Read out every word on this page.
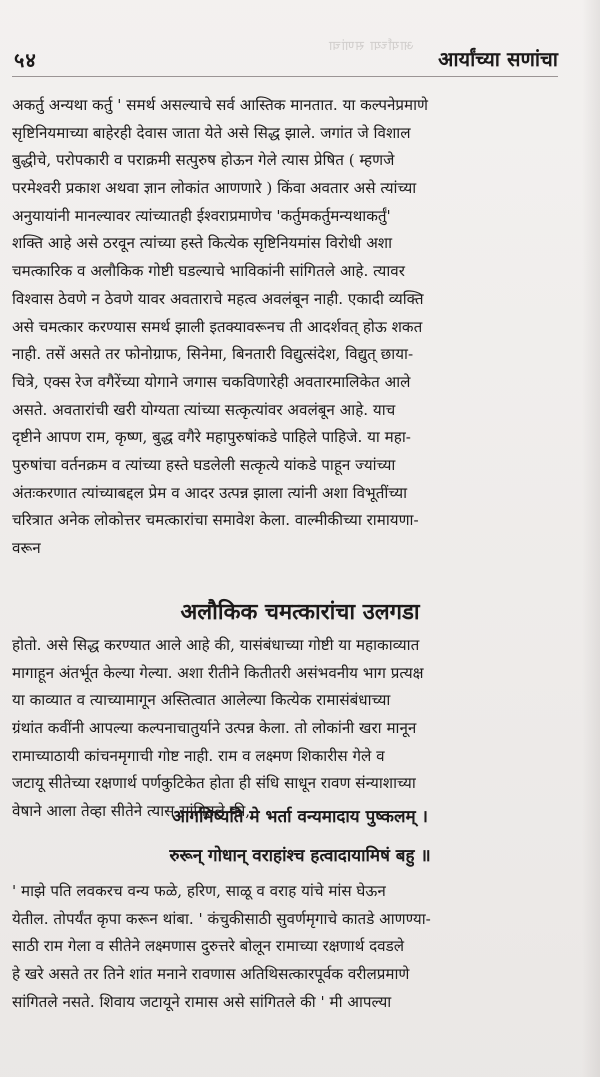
आर्यांच्या सणांचा
५४	आर्यांच्या सणांचा
अकर्तु अन्यथा कर्तु ' समर्थ असल्याचे सर्व आस्तिक मानतात. या कल्पनेप्रमाणे
सृष्टिनियमाच्या बाहेरही देवास जाता येते असे सिद्ध झाले. जगांत जे विशाल
बुद्धीचे, परोपकारी व पराक्रमी सत्पुरुष होऊन गेले त्यास प्रेषित ( म्हणजे
परमेश्वरी प्रकाश अथवा ज्ञान लोकांत आणणारे ) किंवा अवतार असे त्यांच्या
अनुयायांनी मानल्यावर त्यांच्यातही ईश्वराप्रमाणेच 'कर्तुमकर्तुमन्यथाकर्तुं'
शक्ति आहे असे ठरवून त्यांच्या हस्ते कित्येक सृष्टिनियमांस विरोधी अशा
चमत्कारिक व अलौकिक गोष्टी घडल्याचे भाविकांनी सांगितले आहे. त्यावर
विश्वास ठेवणे न ठेवणे यावर अवताराचे महत्व अवलंबून नाही. एकादी व्यक्ति
असे चमत्कार करण्यास समर्थ झाली इतक्यावरूनच ती आदर्शवत् होऊ शकत
नाही. तसें असते तर फोनोग्राफ, सिनेमा, बिनतारी विद्युत्संदेश, विद्युत् छाया-
चित्रे, एक्स रेज वगैरेंच्या योगाने जगास चकविणारेही अवतारमालिकेत आले
असते. अवतारांची खरी योग्यता त्यांच्या सत्कृत्यांवर अवलंबून आहे. याच
दृष्टीने आपण राम, कृष्ण, बुद्ध वगैरे महापुरुषांकडे पाहिले पाहिजे. या महा-
पुरुषांचा वर्तनक्रम व त्यांच्या हस्ते घडलेली सत्कृत्ये यांकडे पाहून ज्यांच्या
अंतःकरणात त्यांच्याबद्दल प्रेम व आदर उत्पन्न झाला त्यांनी अशा विभूतींच्या
चरित्रात अनेक लोकोत्तर चमत्कारांचा समावेश केला. वाल्मीकीच्या रामायणा-
वरून
अलौकिक चमत्कारांचा उलगडा
होतो. असे सिद्ध करण्यात आले आहे की, यासंबंधाच्या गोष्टी या महाकाव्यात
मागाहून अंतर्भूत केल्या गेल्या. अशा रीतीने कितीतरी असंभवनीय भाग प्रत्यक्ष
या काव्यात व त्याच्यामागून अस्तित्वात आलेल्या कित्येक रामासंबंधाच्या
ग्रंथांत कवींनी आपल्या कल्पनाचातुर्याने उत्पन्न केला. तो लोकांनी खरा मानून
रामाच्याठायी कांचनमृगाची गोष्ट नाही. राम व लक्ष्मण शिकारीस गेले व
जटायू सीतेच्या रक्षणार्थ पर्णकुटिकेत होता ही संधि साधून रावण संन्याशाच्या
वेषाने आला तेव्हा सीतेने त्यास सांगितले की,
आगमिष्यति मे भर्ता वन्यमादाय पुष्कलम् ।
रुरून् गोधान् वराहांश्च हत्वादायामिषं बहु ॥
' माझे पति लवकरच वन्य फळे, हरिण, साळू व वराह यांचे मांस घेऊन
येतील. तोपर्यंत कृपा करून थांबा. ' कंचुकीसाठी सुवर्णमृगाचे कातडे आणण्या-
साठी राम गेला व सीतेने लक्ष्मणास दुरुत्तरे बोलून रामाच्या रक्षणार्थ दवडले
हे खरे असते तर तिने शांत मनाने रावणास अतिथिसत्कारपूर्वक वरीलप्रमाणे
सांगितले नसते. शिवाय जटायूने रामास असे सांगितले की ' मी आपल्या
